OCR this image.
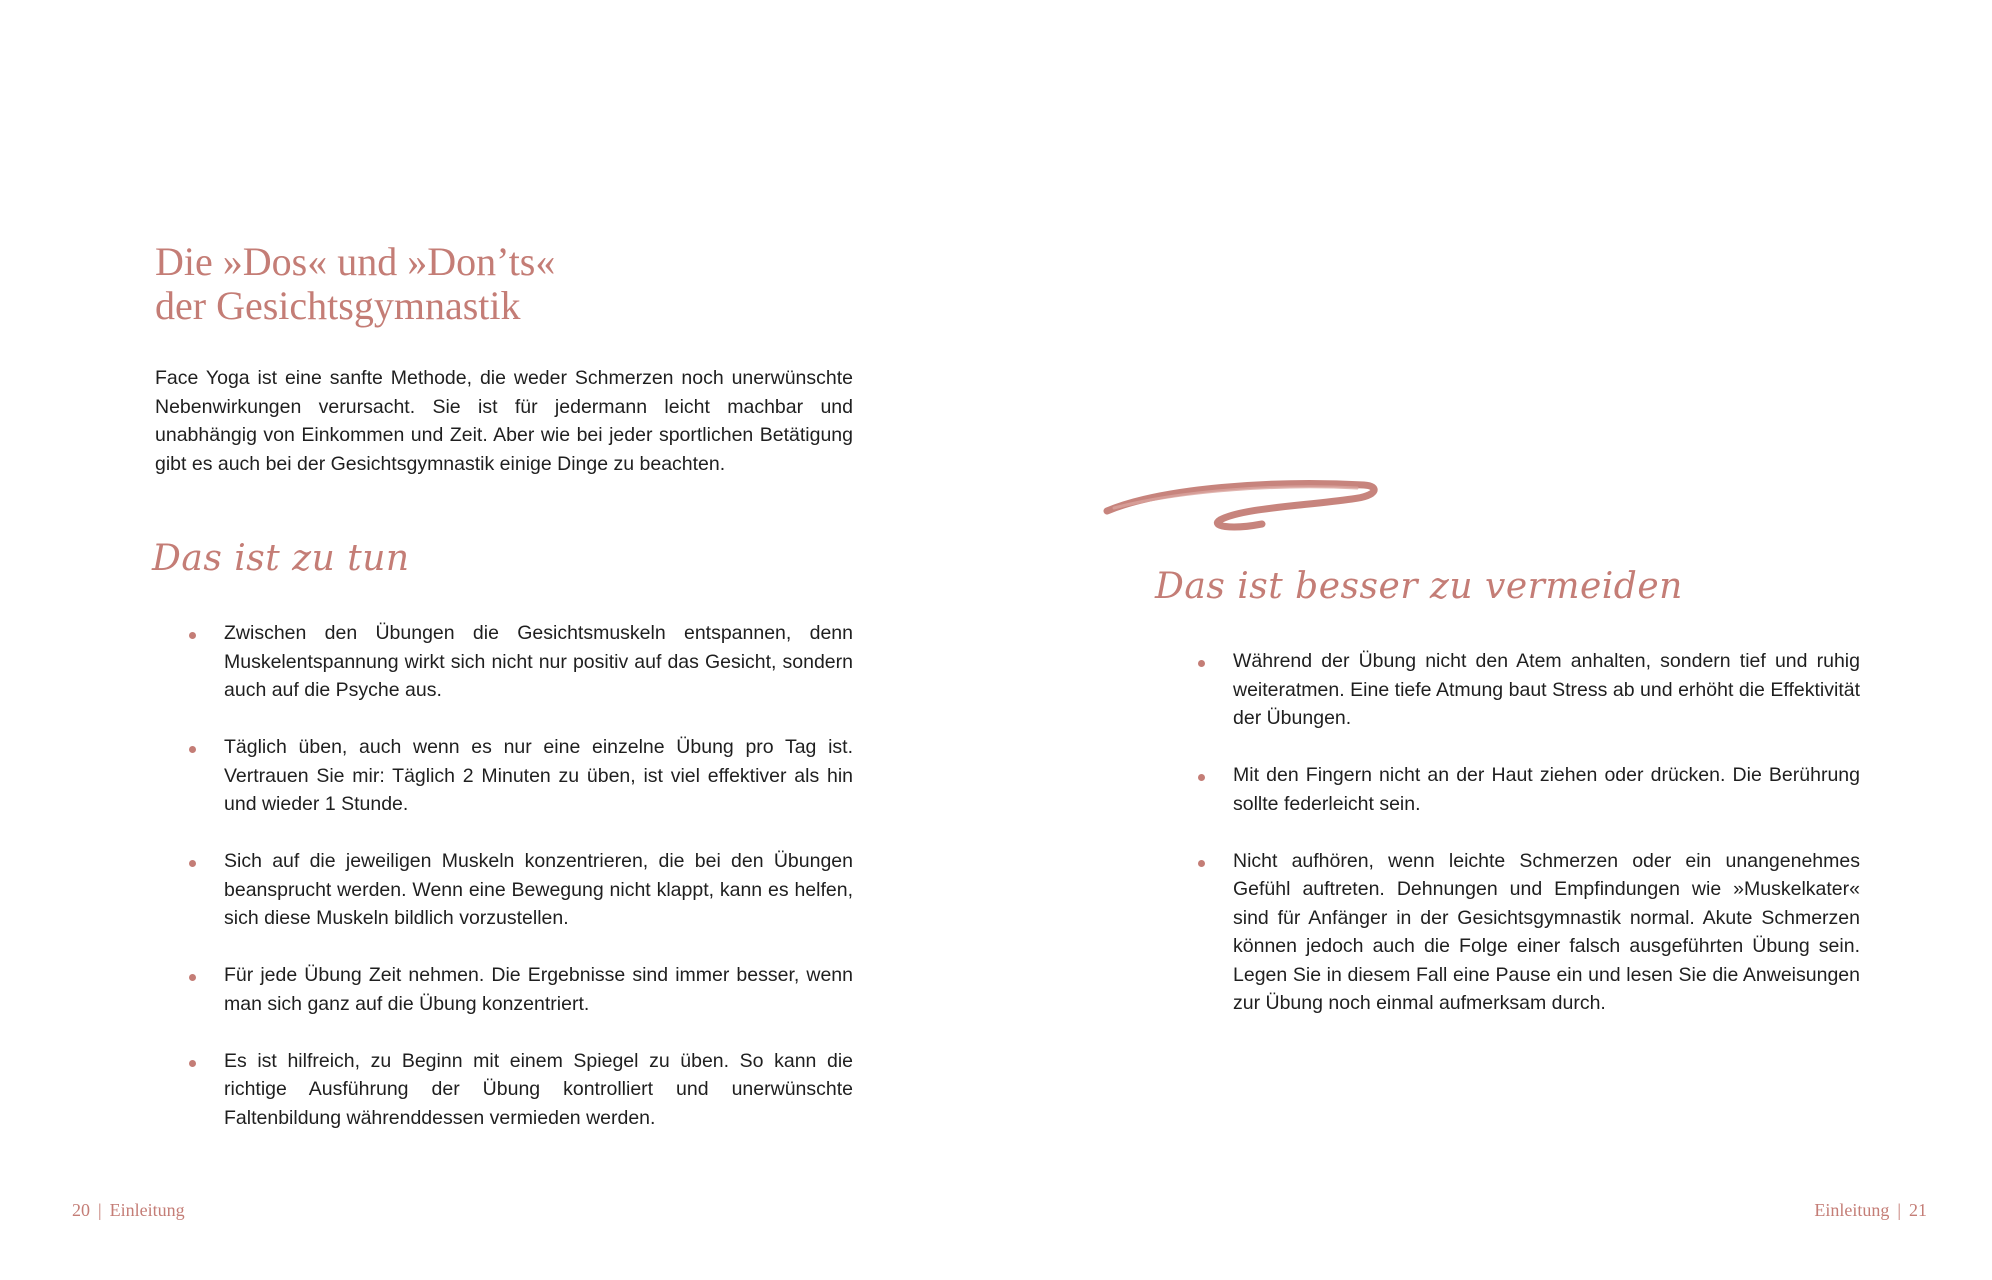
Die »Dos« und »Don’ts«
der Gesichtsgymnastik

Face Yoga ist eine sanfte Methode, die weder Schmerzen noch unerwünschte Nebenwirkungen verursacht. Sie ist für jedermann leicht machbar und unabhängig von Einkommen und Zeit. Aber wie bei jeder sportlichen Betätigung gibt es auch bei der Gesichtsgymnastik einige Dinge zu beachten.

Das ist zu tun
Zwischen den Übungen die Gesichtsmuskeln entspannen, denn Muskelentspannung wirkt sich nicht nur positiv auf das Gesicht, sondern auch auf die Psyche aus.
Täglich üben, auch wenn es nur eine einzelne Übung pro Tag ist. Vertrauen Sie mir: Täglich 2 Minuten zu üben, ist viel effektiver als hin und wieder 1 Stunde.
Sich auf die jeweiligen Muskeln konzentrieren, die bei den Übungen beansprucht werden. Wenn eine Bewegung nicht klappt, kann es helfen, sich diese Muskeln bildlich vorzustellen.
Für jede Übung Zeit nehmen. Die Ergebnisse sind immer besser, wenn man sich ganz auf die Übung konzentriert.
Es ist hilfreich, zu Beginn mit einem Spiegel zu üben. So kann die richtige Ausführung der Übung kontrolliert und unerwünschte Faltenbildung währenddessen vermieden werden.
20 | Einleitung
Das ist besser zu vermeiden
Während der Übung nicht den Atem anhalten, sondern tief und ruhig weiteratmen. Eine tiefe Atmung baut Stress ab und erhöht die Effektivität der Übungen.
Mit den Fingern nicht an der Haut ziehen oder drücken. Die Berührung sollte federleicht sein.
Nicht aufhören, wenn leichte Schmerzen oder ein unangenehmes Gefühl auftreten. Dehnungen und Empfindungen wie »Muskelkater« sind für Anfänger in der Gesichtsgymnastik normal. Akute Schmerzen können jedoch auch die Folge einer falsch ausgeführten Übung sein. Legen Sie in diesem Fall eine Pause ein und lesen Sie die Anweisungen zur Übung noch einmal aufmerksam durch.
Einleitung | 21
